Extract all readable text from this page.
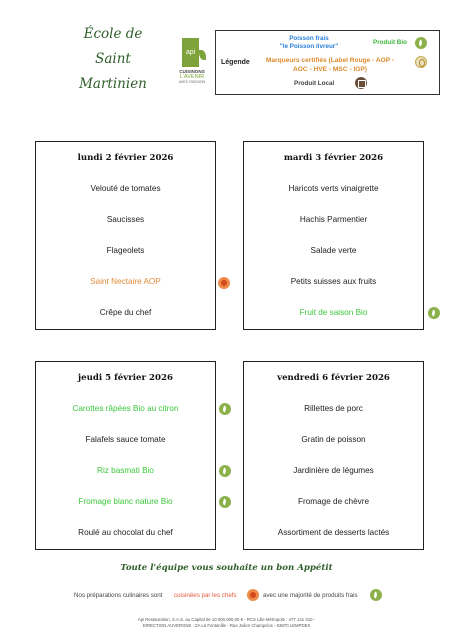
École de
Saint
Martinien
api
CUISINONS
L'AVENIR
AVEC PASSION
Légende
Poisson frais
"le Poisson livreur"
Produit Bio
Marqueurs certifiés (Label Rouge - AOP -
AOC - HVE - MSC - IGP)
Produit Local
lundi 2 février 2026
Velouté de tomates
Saucisses
Flageolets
Saint Nectaire AOP
Crêpe du chef
mardi 3 février 2026
Haricots verts vinaigrette
Hachis Parmentier
Salade verte
Petits suisses aux fruits
Fruit de saison Bio
jeudi 5 février 2026
Carottes râpées Bio au citron
Falafels sauce tomate
Riz basmati Bio
Fromage blanc nature Bio
Roulé au chocolat du chef
vendredi 6 février 2026
Rillettes de porc
Gratin de poisson
Jardinière de légumes
Fromage de chèvre
Assortiment de desserts lactés
Toute l'équipe vous souhaite un bon Appétit
Nos préparations culinaires sont cuisinées par les chefs	avec une majorité de produits frais
Api Restauration, S.A.S. au Capital de 10.000.000,00 € - RCS Lille Métropole : 477 141 010 -
DIRECTION AUVERGNE : ZA La Fontanille - Rue Julien Champclos - 63870 LEMPDES
